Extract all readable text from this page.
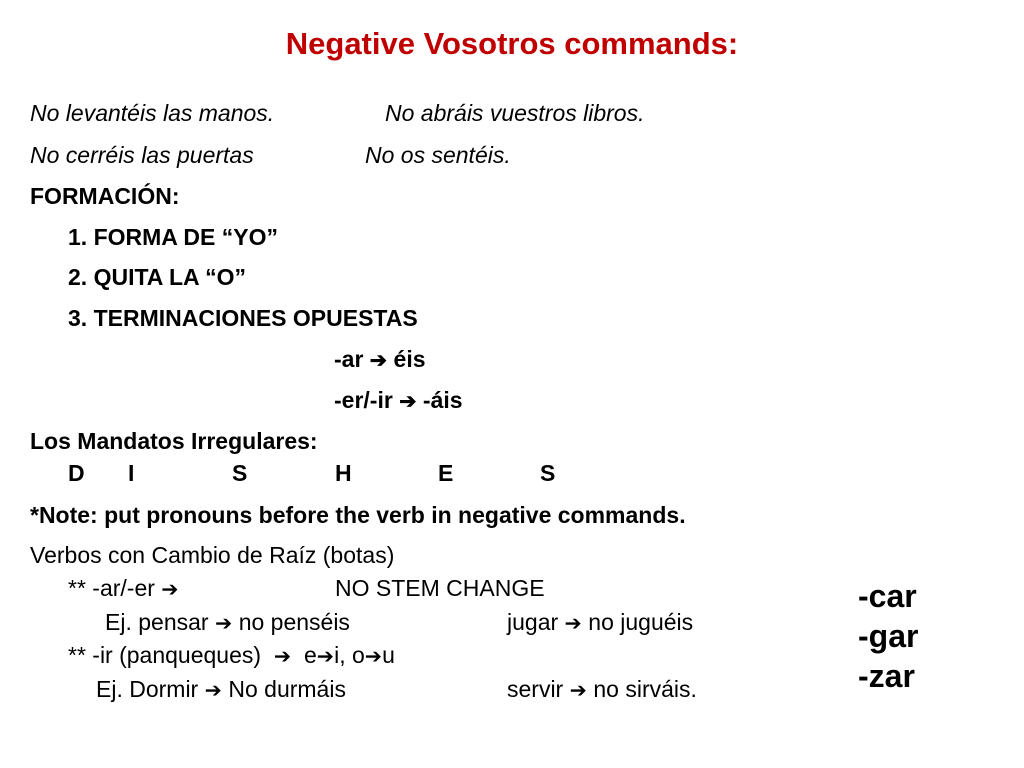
Negative Vosotros commands:
No levantéis las manos.	No abráis vuestros libros.
No cerréis las puertas	No os sentéis.
FORMACIÓN:
1. FORMA DE “YO”
2. QUITA LA “O”
3. TERMINACIONES OPUESTAS
-ar ➔ éis
-er/-ir ➔ -áis
Los Mandatos Irregulares:
D I	S	H	E	S
*Note: put pronouns before the verb in negative commands.
Verbos con Cambio de Raíz (botas)
** -ar/-er ➔	NO STEM CHANGE
Ej. pensar ➔ no penséis	jugar ➔ no juguéis
** -ir (panqueques) ➔ e➔i, o➔u
Ej. Dormir ➔ No durmáis	servir ➔ no sirváis.
-car
-gar
-zar
